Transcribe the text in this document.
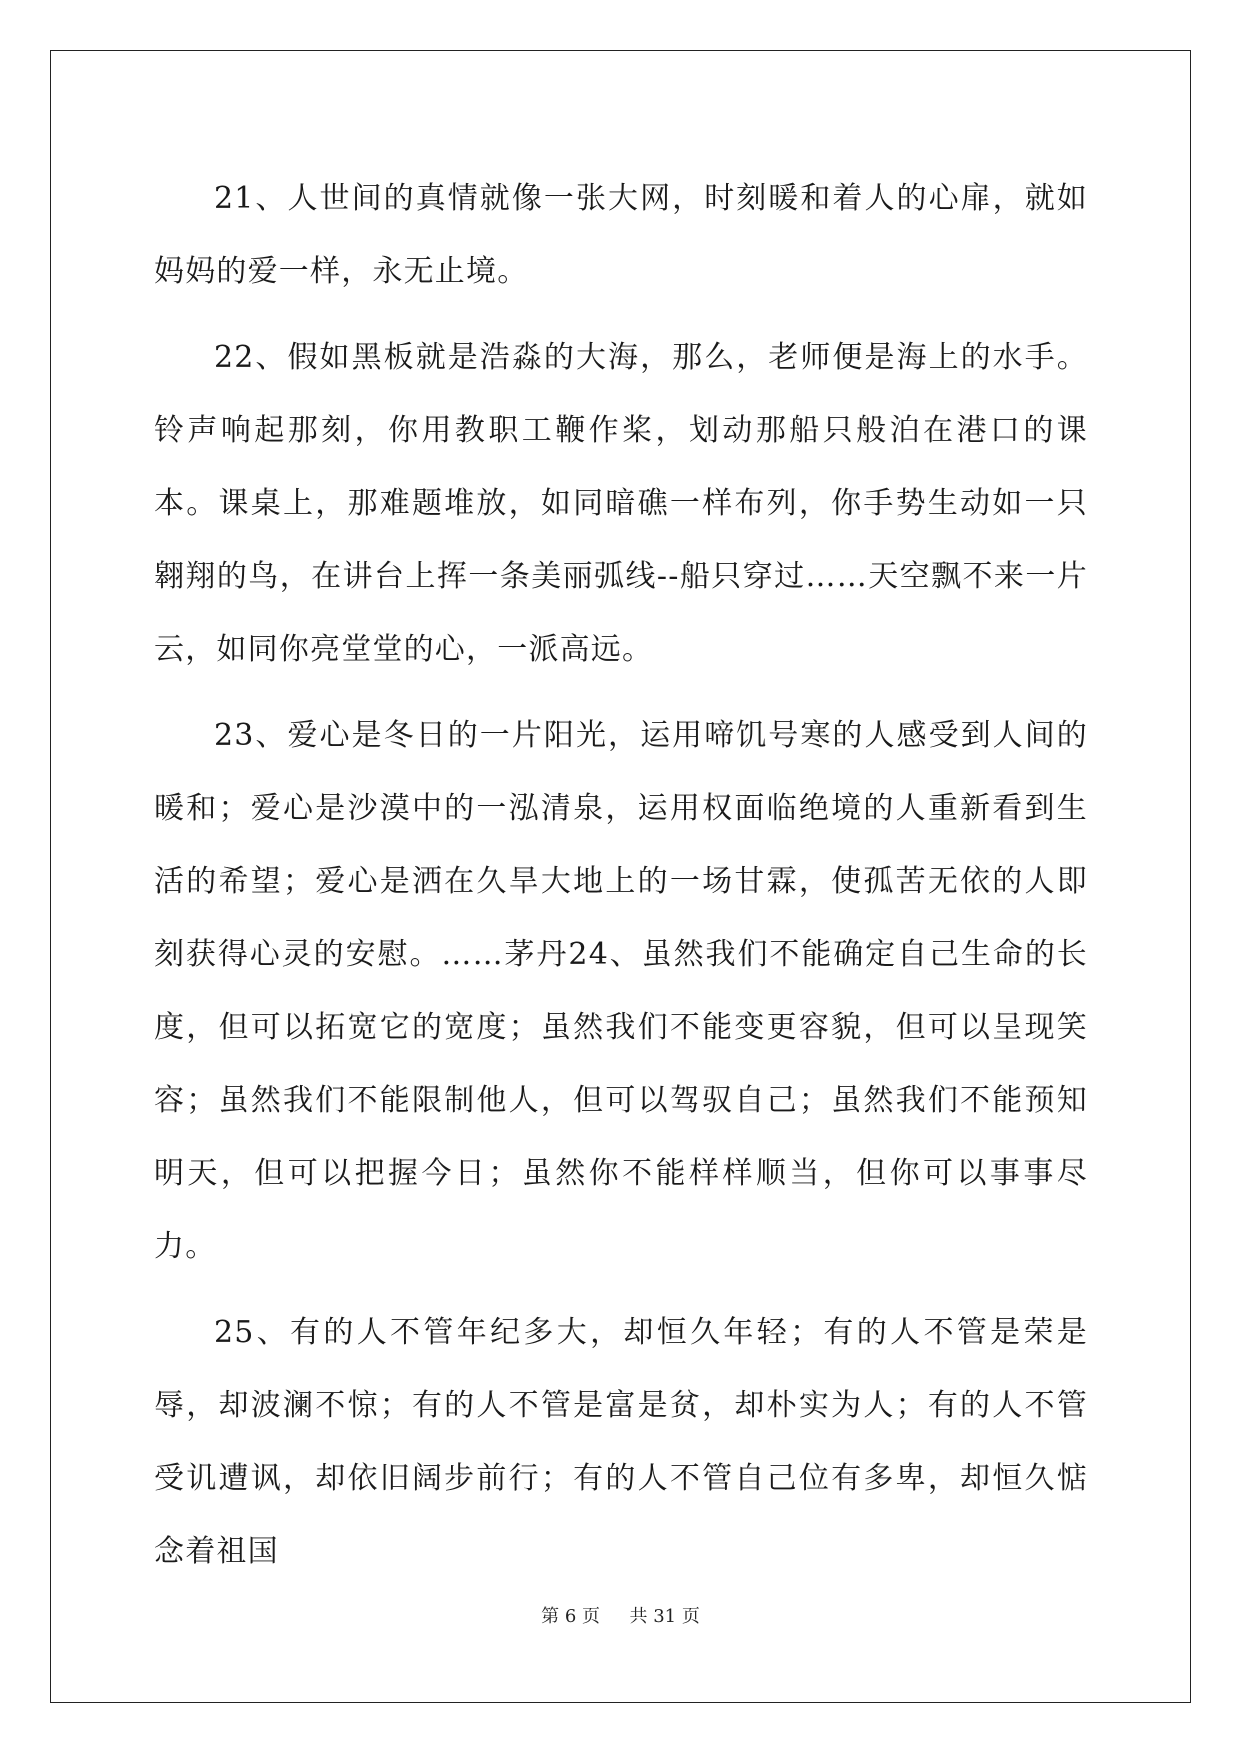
21、人世间的真情就像一张大网，时刻暖和着人的心扉，就如妈妈的爱一样，永无止境。

22、假如黑板就是浩淼的大海，那么，老师便是海上的水手。铃声响起那刻，你用教职工鞭作桨，划动那船只般泊在港口的课本。课桌上，那难题堆放，如同暗礁一样布列，你手势生动如一只翱翔的鸟，在讲台上挥一条美丽弧线--船只穿过……天空飘不来一片云，如同你亮堂堂的心，一派高远。

23、爱心是冬日的一片阳光，运用啼饥号寒的人感受到人间的暖和；爱心是沙漠中的一泓清泉，运用权面临绝境的人重新看到生活的希望；爱心是洒在久旱大地上的一场甘霖，使孤苦无依的人即刻获得心灵的安慰。……茅丹24、虽然我们不能确定自己生命的长度，但可以拓宽它的宽度；虽然我们不能变更容貌，但可以呈现笑容；虽然我们不能限制他人，但可以驾驭自己；虽然我们不能预知明天，但可以把握今日；虽然你不能样样顺当，但你可以事事尽力。

25、有的人不管年纪多大，却恒久年轻；有的人不管是荣是辱，却波澜不惊；有的人不管是富是贫，却朴实为人；有的人不管受讥遭讽，却依旧阔步前行；有的人不管自己位有多卑，却恒久惦念着祖国

第 6 页 共 31 页
